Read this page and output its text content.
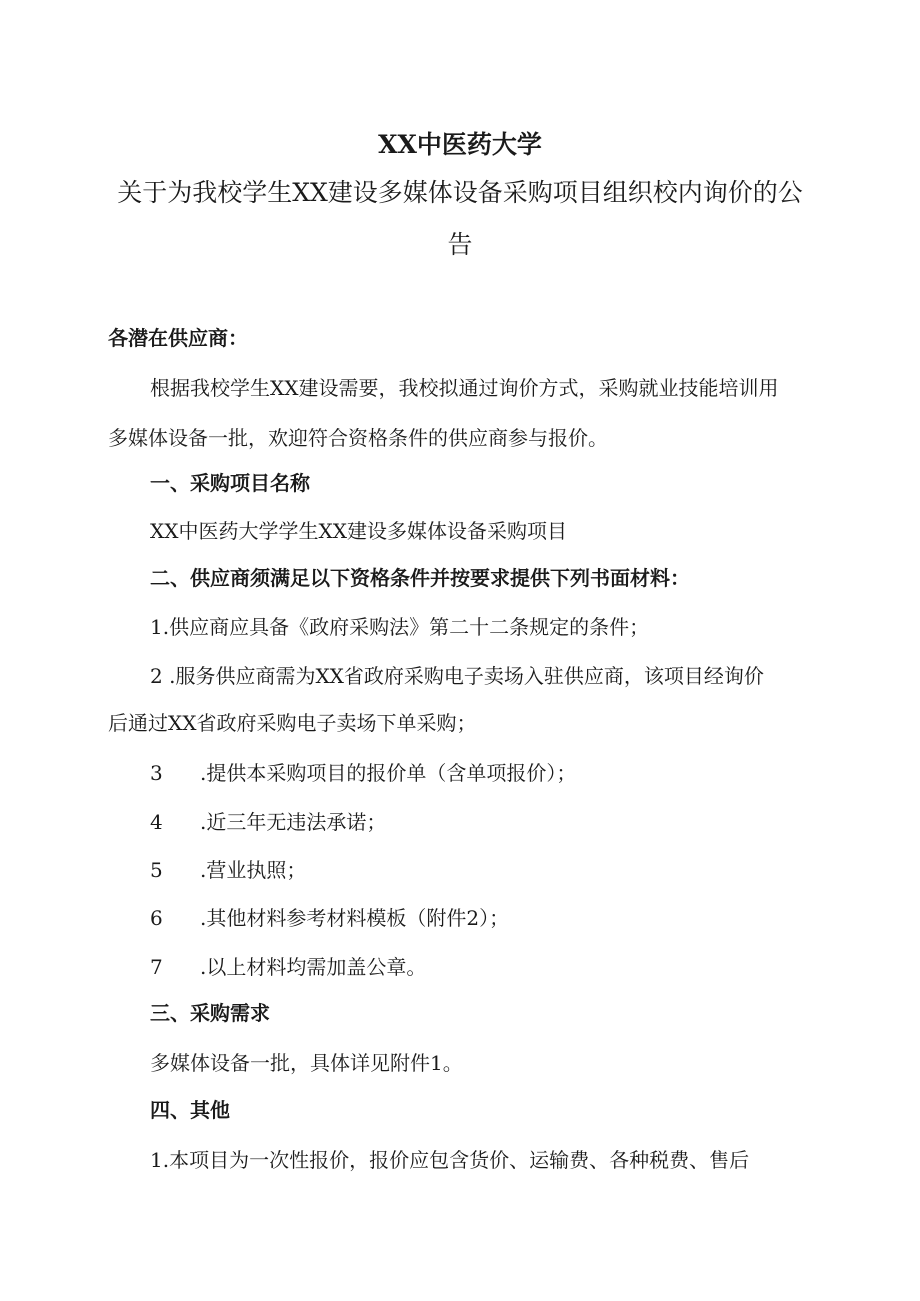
XX中医药大学
关于为我校学生XX建设多媒体设备采购项目组织校内询价的公
告
各潜在供应商：
根据我校学生XX建设需要，我校拟通过询价方式，采购就业技能培训用
多媒体设备一批，欢迎符合资格条件的供应商参与报价。
一、采购项目名称
XX中医药大学学生XX建设多媒体设备采购项目
二、供应商须满足以下资格条件并按要求提供下列书面材料：
1.供应商应具备《政府采购法》第二十二条规定的条件；
2 .服务供应商需为XX省政府采购电子卖场入驻供应商，该项目经询价
后通过XX省政府采购电子卖场下单采购；
3 .提供本采购项目的报价单（含单项报价）；
4 .近三年无违法承诺；
5 .营业执照；
6 .其他材料参考材料模板（附件2）；
7 .以上材料均需加盖公章。
三、采购需求
多媒体设备一批，具体详见附件1。
四、其他
1.本项目为一次性报价，报价应包含货价、运输费、各种税费、售后
